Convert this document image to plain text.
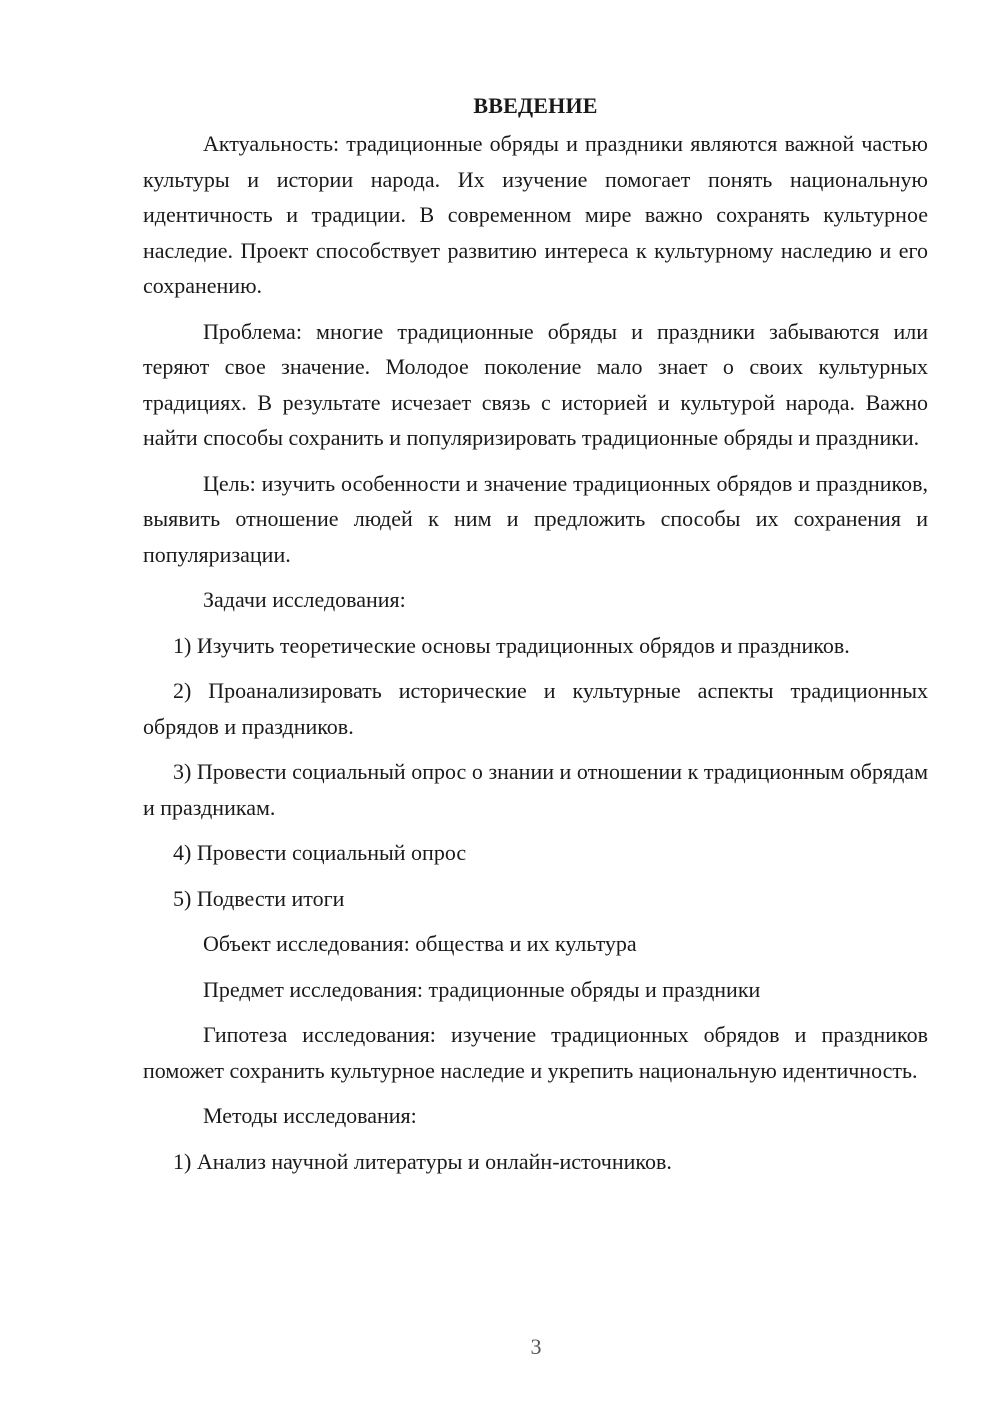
ВВЕДЕНИЕ

Актуальность: традиционные обряды и праздники являются важной частью культуры и истории народа. Их изучение помогает понять национальную идентичность и традиции. В современном мире важно сохранять культурное наследие. Проект способствует развитию интереса к культурному наследию и его сохранению.

Проблема: многие традиционные обряды и праздники забываются или теряют свое значение. Молодое поколение мало знает о своих культурных традициях. В результате исчезает связь с историей и культурой народа. Важно найти способы сохранить и популяризировать традиционные обряды и праздники.

Цель: изучить особенности и значение традиционных обрядов и праздников, выявить отношение людей к ним и предложить способы их сохранения и популяризации.

Задачи исследования:

1) Изучить теоретические основы традиционных обрядов и праздников.

2) Проанализировать исторические и культурные аспекты традиционных обрядов и праздников.

3) Провести социальный опрос о знании и отношении к традиционным обрядам и праздникам.

4) Провести социальный опрос

5) Подвести итоги

Объект исследования: общества и их культура

Предмет исследования: традиционные обряды и праздники

Гипотеза исследования: изучение традиционных обрядов и праздников поможет сохранить культурное наследие и укрепить национальную идентичность.

Методы исследования:

1) Анализ научной литературы и онлайн-источников.

3
